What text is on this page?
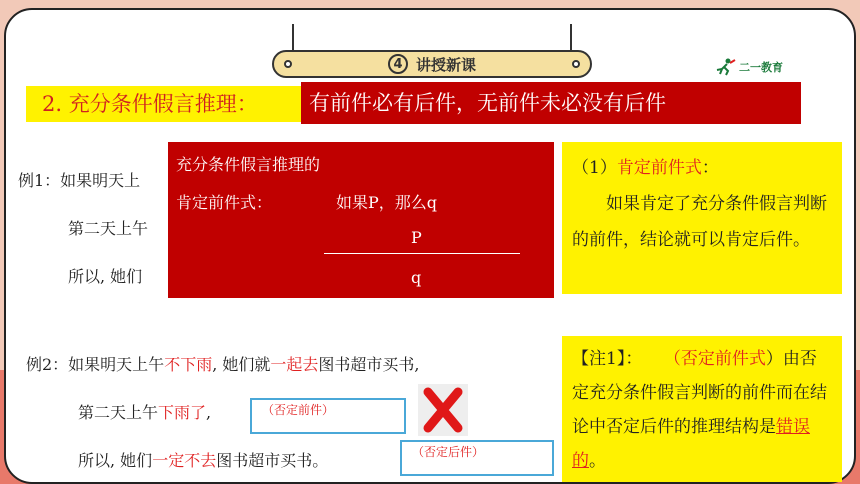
4 讲授新课	二一教育
2. 充分条件假言推理：	有前件必有后件，无前件未必没有后件
例1：如果明天上
第二天上午
所以, 她们
充分条件假言推理的
肯定前件式：	如果P，那么q
P
q
（1）肯定前件式：
如果肯定了充分条件假言判断的前件，结论就可以肯定后件。
例2：如果明天上午不下雨, 她们就一起去图书超市买书,
第二天上午下雨了,	（否定前件）
所以, 她们一定不去图书超市买书。	（否定后件）
【注1】： （否定前件式）由否定充分条件假言判断的前件而在结论中否定后件的推理结构是错误的。
